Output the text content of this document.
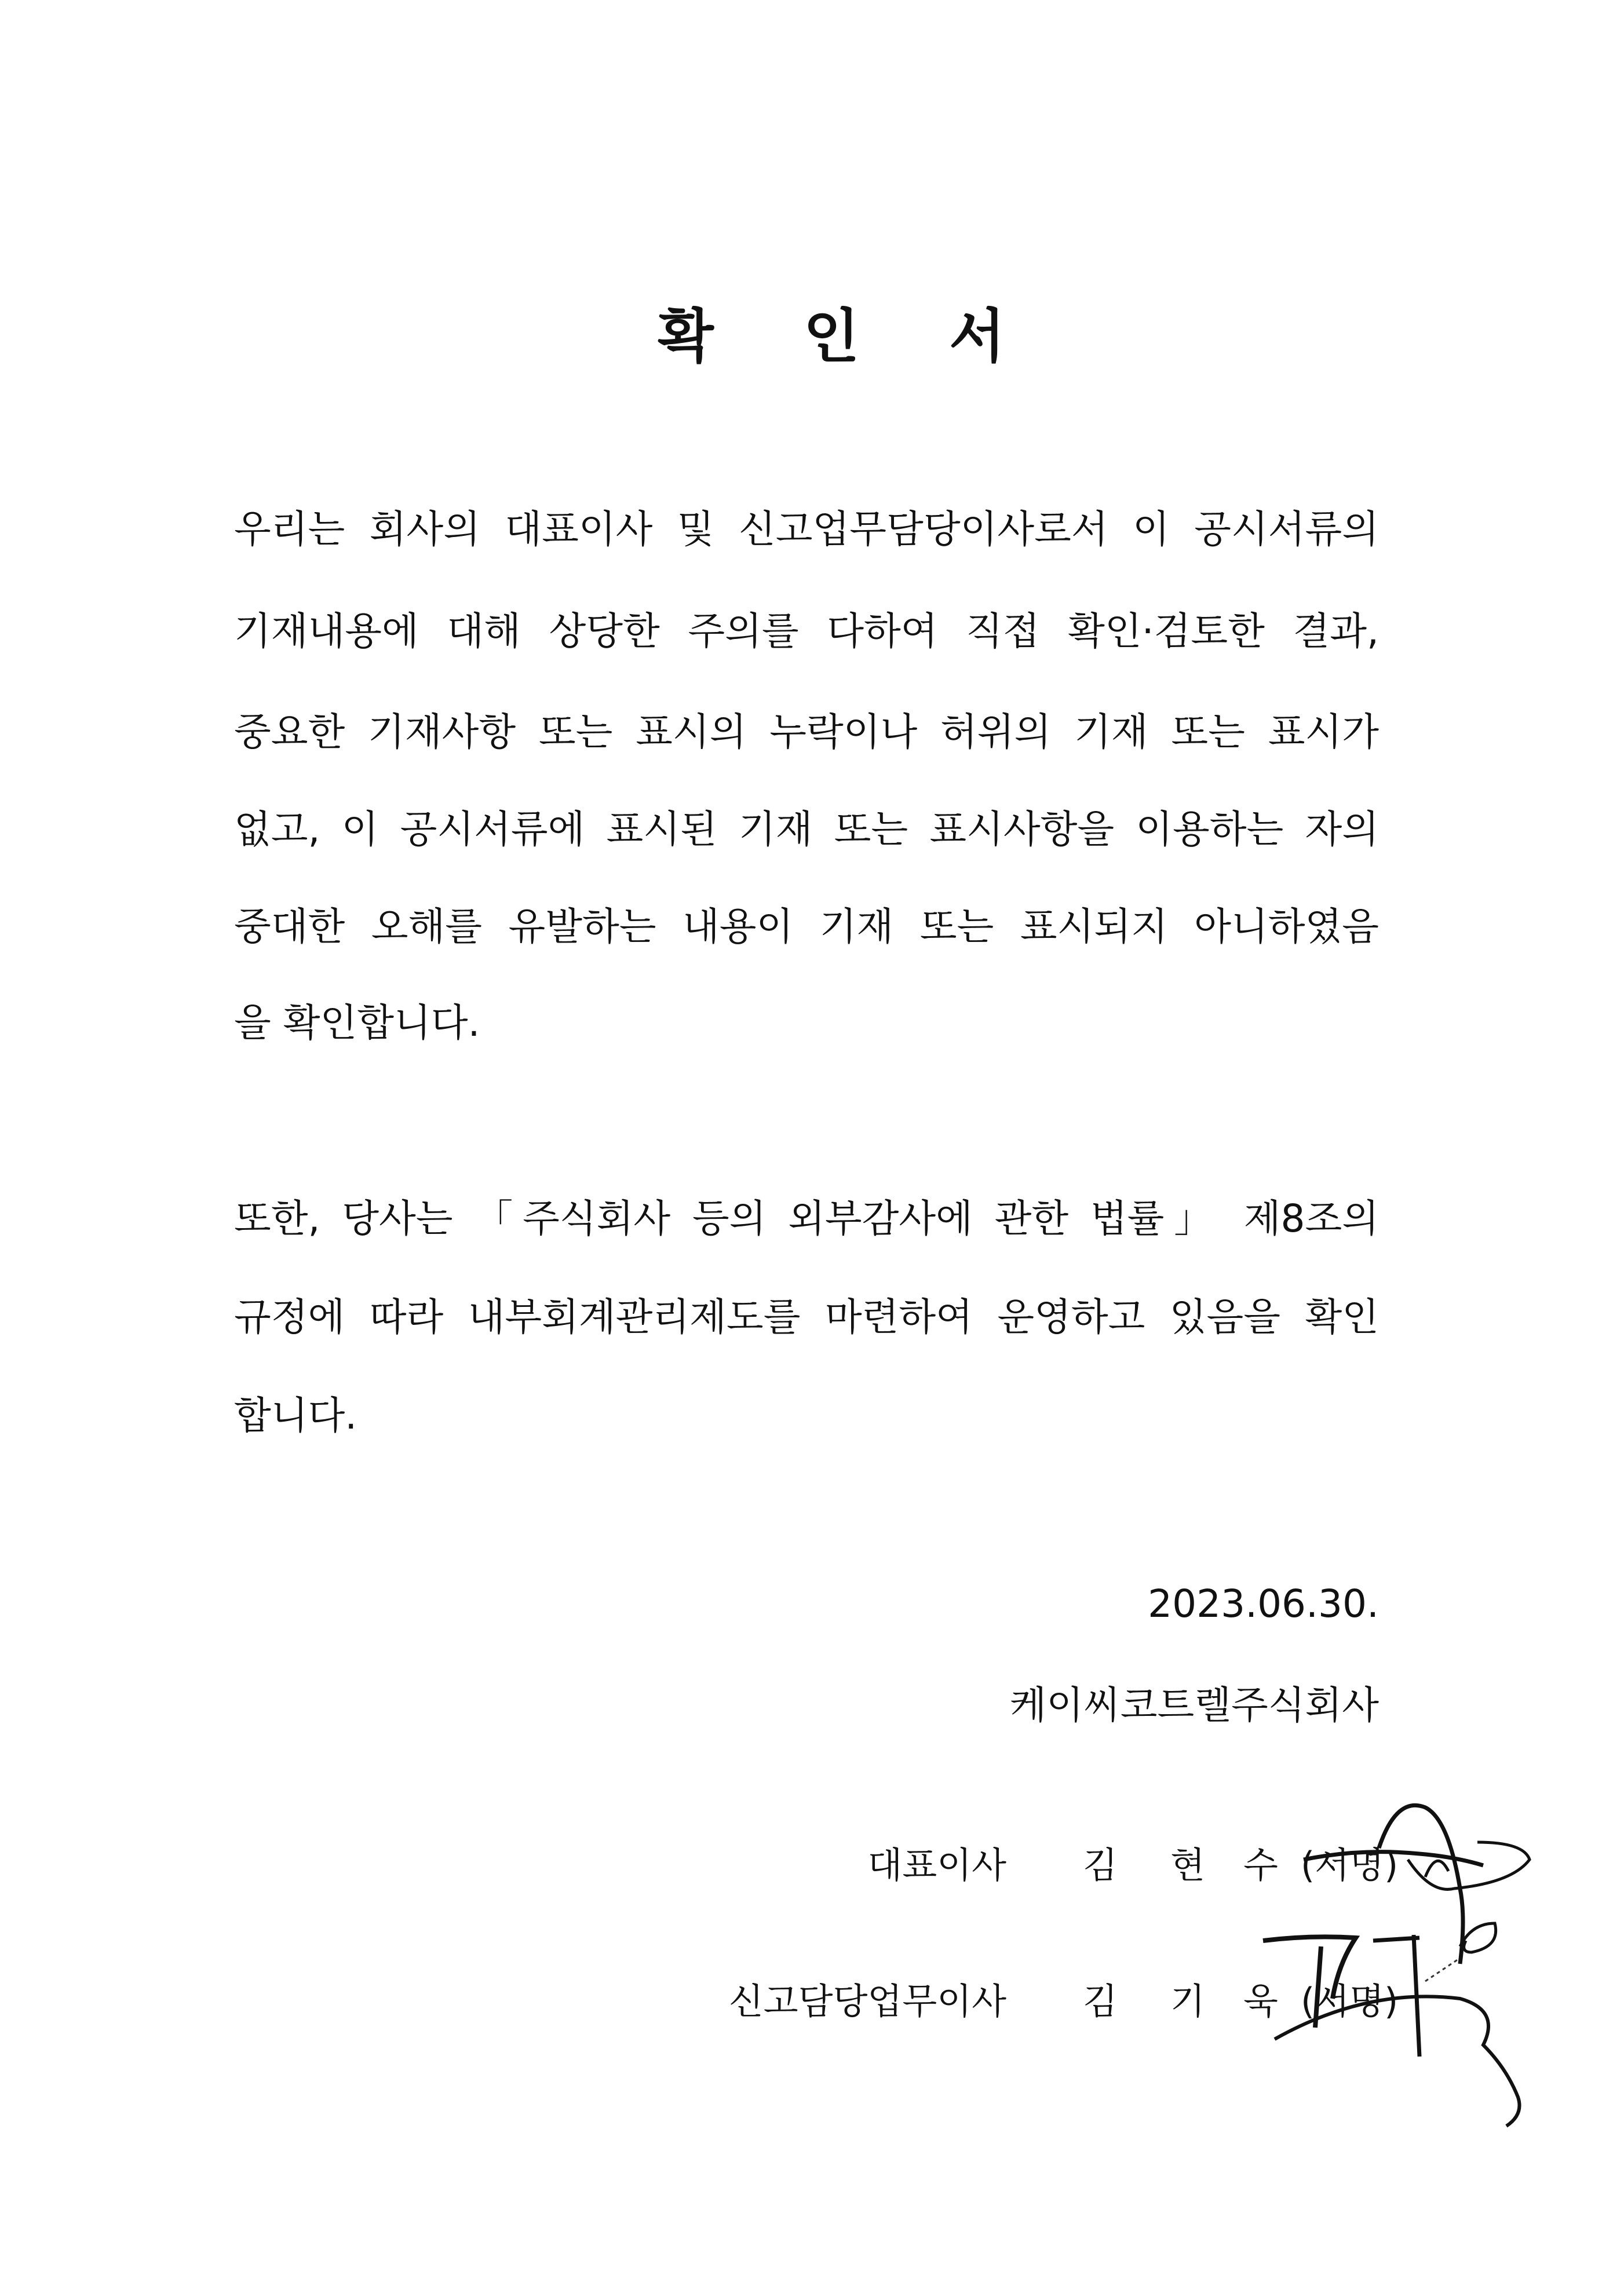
확 인 서
우리는 회사의 대표이사 및 신고업무담당이사로서 이 공시서류의
기재내용에 대해 상당한 주의를 다하여 직접 확인·검토한 결과,
중요한 기재사항 또는 표시의 누락이나 허위의 기재 또는 표시가
없고, 이 공시서류에 표시된 기재 또는 표시사항을 이용하는 자의
중대한 오해를 유발하는 내용이 기재 또는 표시되지 아니하였음
을 확인합니다.
또한, 당사는 「주식회사 등의 외부감사에 관한 법률」 제8조의
규정에 따라 내부회계관리제도를 마련하여 운영하고 있음을 확인
합니다.
2023.06.30.
케이씨코트렐주식회사
대표이사 김 현 수 (서명)
신고담당업무이사 김 기 욱 (서명)
